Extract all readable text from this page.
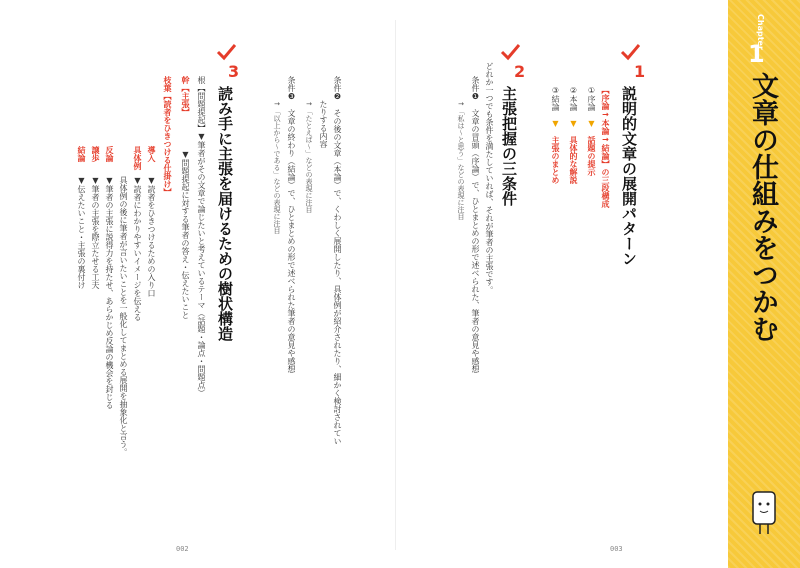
Chapter
1
文章の仕組みをつかむ
1
説明的文章の展開パターン
【序論→本論→結論】の三段構成
①序論　▼　話題の提示
②本論　▼　具体的な解説
③結論　▼　主張のまとめ
2
主張把握の三条件
どれか一つでも条件を満たしていれば、それが筆者の主張です。
条件❶　文章の冒頭（序論）で、ひとまとめの形で述べられた、筆者の意見や感想
→「私は～と思う」などの表現に注目
条件❷　その後の文章（本論）で、くわしく展開したり、具体例が紹介されたり、細かく検討されてい
たりする内容
→「たとえば～」などの表現に注目
条件❸　文章の終わり（結論）で、ひとまとめの形で述べられた筆者の意見や感想
→「以上から～である」などの表現に注目
3
読み手に主張を届けるための樹状構造
根【問題提起】▼筆者がその文章で論じたいと考えているテーマ（話題・論点・問題点）
▼問題提起に対する筆者の答え・伝えたいこと
幹【主張】
枝葉【読者をひきつける仕掛け】
導入
▼読者をひきつけるための入り口
具体例
▼読者にわかりやすいイメージを伝える
具体例の後に筆者が言いたいことを一般化してまとめる展開を抽象化と言う。
反論
▼筆者の主張に説得力を持たせ、あらかじめ反論の機会を封じる
譲歩
▼筆者の主張を際立たせる工夫
結論
▼伝えたいこと・主張の裏付け
002	003
